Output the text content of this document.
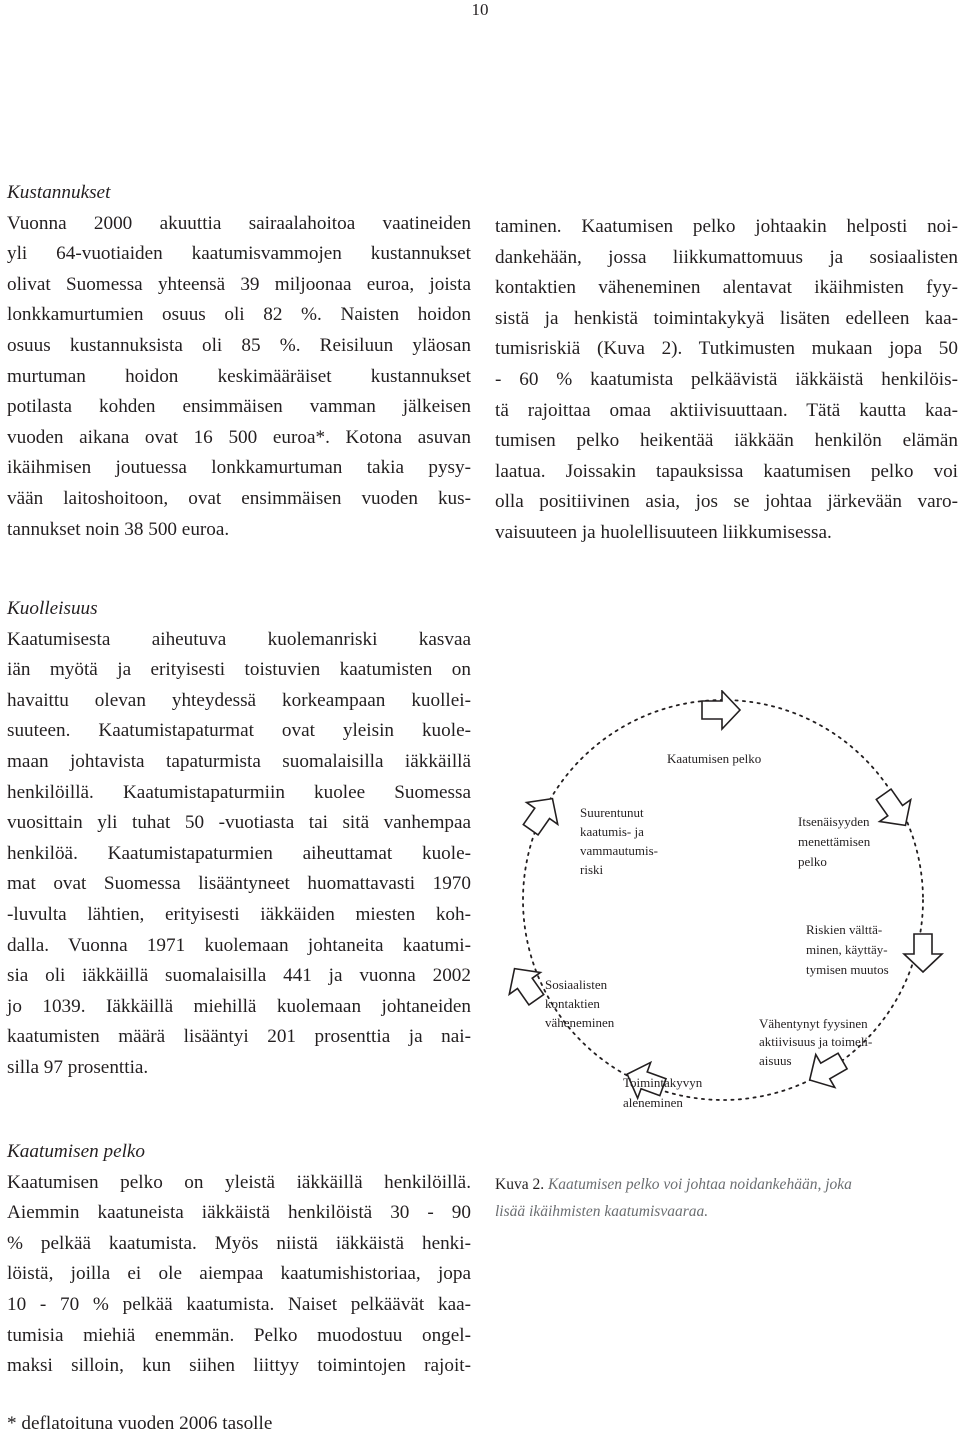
10
Kustannukset

Vuonna 2000 akuuttia sairaalahoitoa vaatineiden
yli 64-vuotiaiden kaatumisvammojen kustannukset
olivat Suomessa yhteensä 39 miljoonaa euroa, joista
lonkkamurtumien osuus oli 82 %. Naisten hoidon
osuus kustannuksista oli 85 %. Reisiluun yläosan
murtuman hoidon keskimääräiset kustannukset
potilasta kohden ensimmäisen vamman jälkeisen
vuoden aikana ovat 16 500 euroa*. Kotona asuvan
ikäihmisen joutuessa lonkkamurtuman takia pysy-
vään laitoshoitoon, ovat ensimmäisen vuoden kus-
tannukset noin 38 500 euroa.

Kuolleisuus

Kaatumisesta aiheutuva kuolemanriski kasvaa
iän myötä ja erityisesti toistuvien kaatumisten on
havaittu olevan yhteydessä korkeampaan kuollei-
suuteen. Kaatumistapaturmat ovat yleisin kuole-
maan johtavista tapaturmista suomalaisilla iäkkäillä
henkilöillä. Kaatumistapaturmiin kuolee Suomessa
vuosittain yli tuhat 50 -vuotiasta tai sitä vanhempaa
henkilöä. Kaatumistapaturmien aiheuttamat kuole-
mat ovat Suomessa lisääntyneet huomattavasti 1970
-luvulta lähtien, erityisesti iäkkäiden miesten koh-
dalla. Vuonna 1971 kuolemaan johtaneita kaatumi-
sia oli iäkkäillä suomalaisilla 441 ja vuonna 2002
jo 1039. Iäkkäillä miehillä kuolemaan johtaneiden
kaatumisten määrä lisääntyi 201 prosenttia ja nai-
silla 97 prosenttia.

Kaatumisen pelko

Kaatumisen pelko on yleistä iäkkäillä henkilöillä.
Aiemmin kaatuneista iäkkäistä henkilöistä 30 - 90
% pelkää kaatumista. Myös niistä iäkkäistä henki-
löistä, joilla ei ole aiempaa kaatumishistoriaa, jopa
10 - 70 % pelkää kaatumista. Naiset pelkäävät kaa-
tumisia miehiä enemmän. Pelko muodostuu ongel-
maksi silloin, kun siihen liittyy toimintojen rajoit-

taminen. Kaatumisen pelko johtaakin helposti noi-
dankehään, jossa liikkumattomuus ja sosiaalisten
kontaktien väheneminen alentavat ikäihmisten fyy-
sistä ja henkistä toimintakykyä lisäten edelleen kaa-
tumisriskiä (Kuva 2). Tutkimusten mukaan jopa 50
- 60 % kaatumista pelkäävistä iäkkäistä henkilöis-
tä rajoittaa omaa aktiivisuuttaan. Tätä kautta kaa-
tumisen pelko heikentää iäkkään henkilön elämän
laatua. Joissakin tapauksissa kaatumisen pelko voi
olla positiivinen asia, jos se johtaa järkevään varo-
vaisuuteen ja huolellisuuteen liikkumisessa.

Kaatumisen pelko
Itsenäisyyden
menettämisen
pelko
Riskien välttä-
minen, käyttäy-
tymisen muutos
Vähentynyt fyysinen
aktiivisuus ja toimeli-
aisuus
Toimintakyvyn
aleneminen
Sosiaalisten
kontaktien
väheneminen
Suurentunut
kaatumis- ja
vammautumis-
riski
Kuva 2. Kaatumisen pelko voi johtaa noidankehään, joka
lisää ikäihmisten kaatumisvaaraa.
* deflatoituna vuoden 2006 tasolle
